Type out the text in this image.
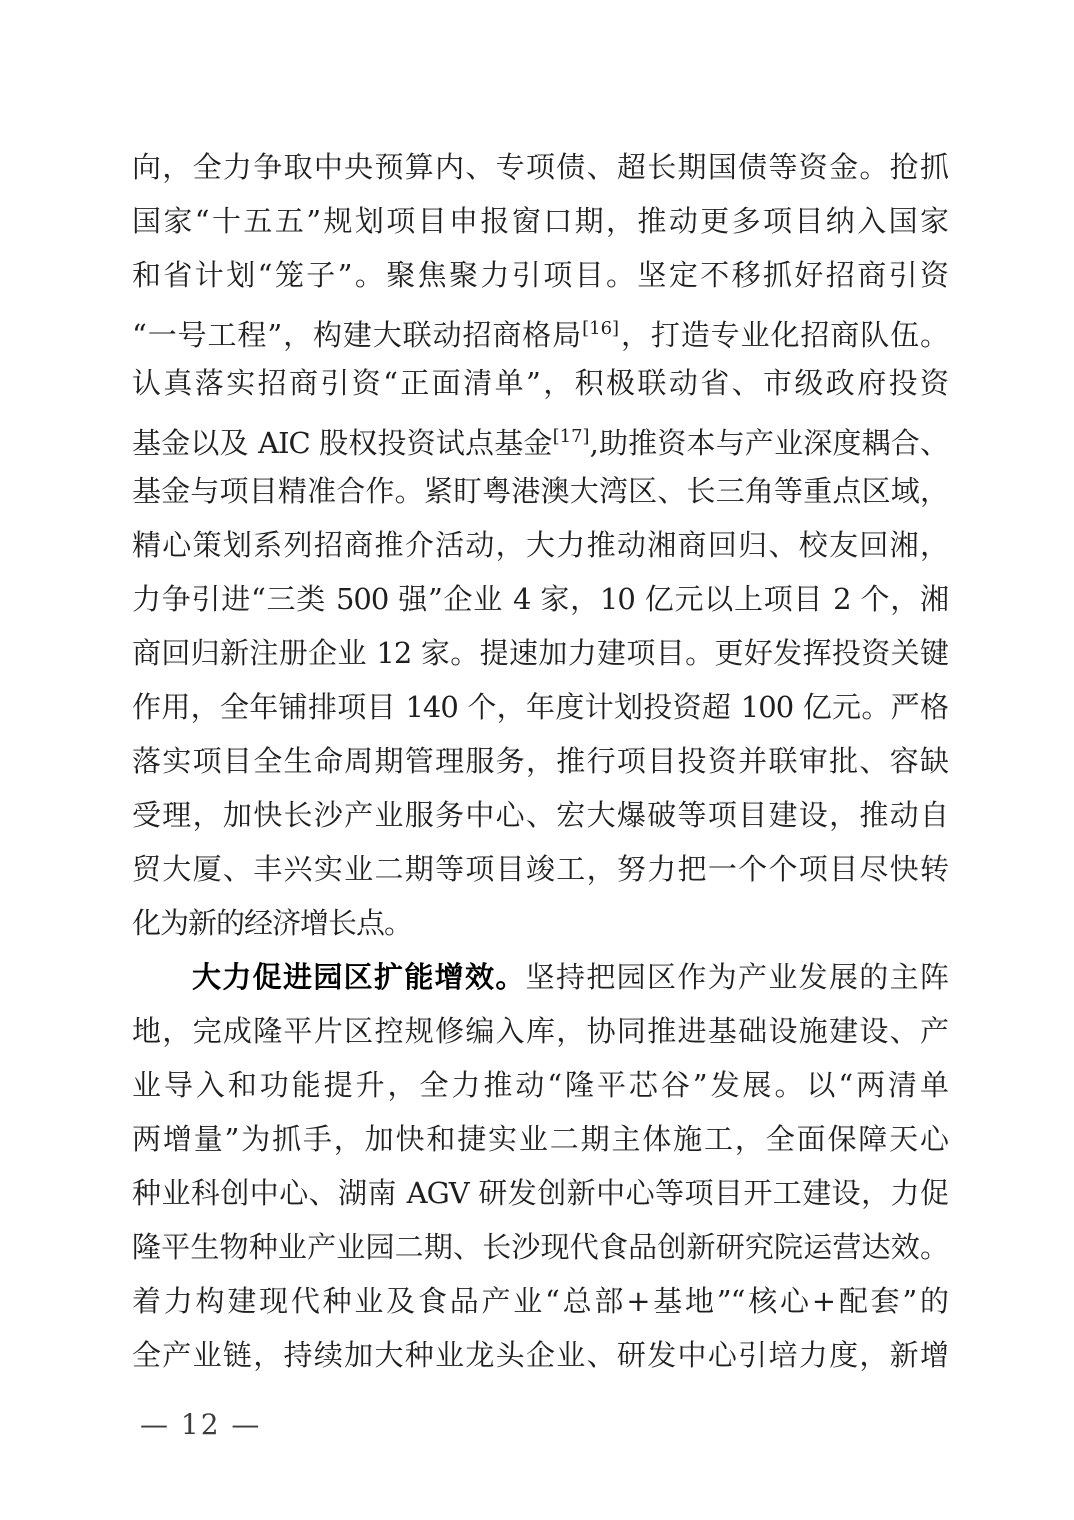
向，全力争取中央预算内、专项债、超长期国债等资金。抢抓
国家“十五五”规划项目申报窗口期，推动更多项目纳入国家
和省计划“笼子”。聚焦聚力引项目。坚定不移抓好招商引资
“一号工程”，构建大联动招商格局[16]，打造专业化招商队伍。
认真落实招商引资“正面清单”，积极联动省、市级政府投资
基金以及 AIC 股权投资试点基金[17],助推资本与产业深度耦合、
基金与项目精准合作。紧盯粤港澳大湾区、长三角等重点区域，
精心策划系列招商推介活动，大力推动湘商回归、校友回湘，
力争引进“三类 500 强”企业 4 家，10 亿元以上项目 2 个，湘
商回归新注册企业 12 家。提速加力建项目。更好发挥投资关键
作用，全年铺排项目 140 个，年度计划投资超 100 亿元。严格
落实项目全生命周期管理服务，推行项目投资并联审批、容缺
受理，加快长沙产业服务中心、宏大爆破等项目建设，推动自
贸大厦、丰兴实业二期等项目竣工，努力把一个个项目尽快转
化为新的经济增长点。
大力促进园区扩能增效。坚持把园区作为产业发展的主阵
地，完成隆平片区控规修编入库，协同推进基础设施建设、产
业导入和功能提升，全力推动“隆平芯谷”发展。以“两清单
两增量”为抓手，加快和捷实业二期主体施工，全面保障天心
种业科创中心、湖南 AGV 研发创新中心等项目开工建设，力促
隆平生物种业产业园二期、长沙现代食品创新研究院运营达效。
着力构建现代种业及食品产业“总部+基地”“核心+配套”的
全产业链，持续加大种业龙头企业、研发中心引培力度，新增
— 12 —
